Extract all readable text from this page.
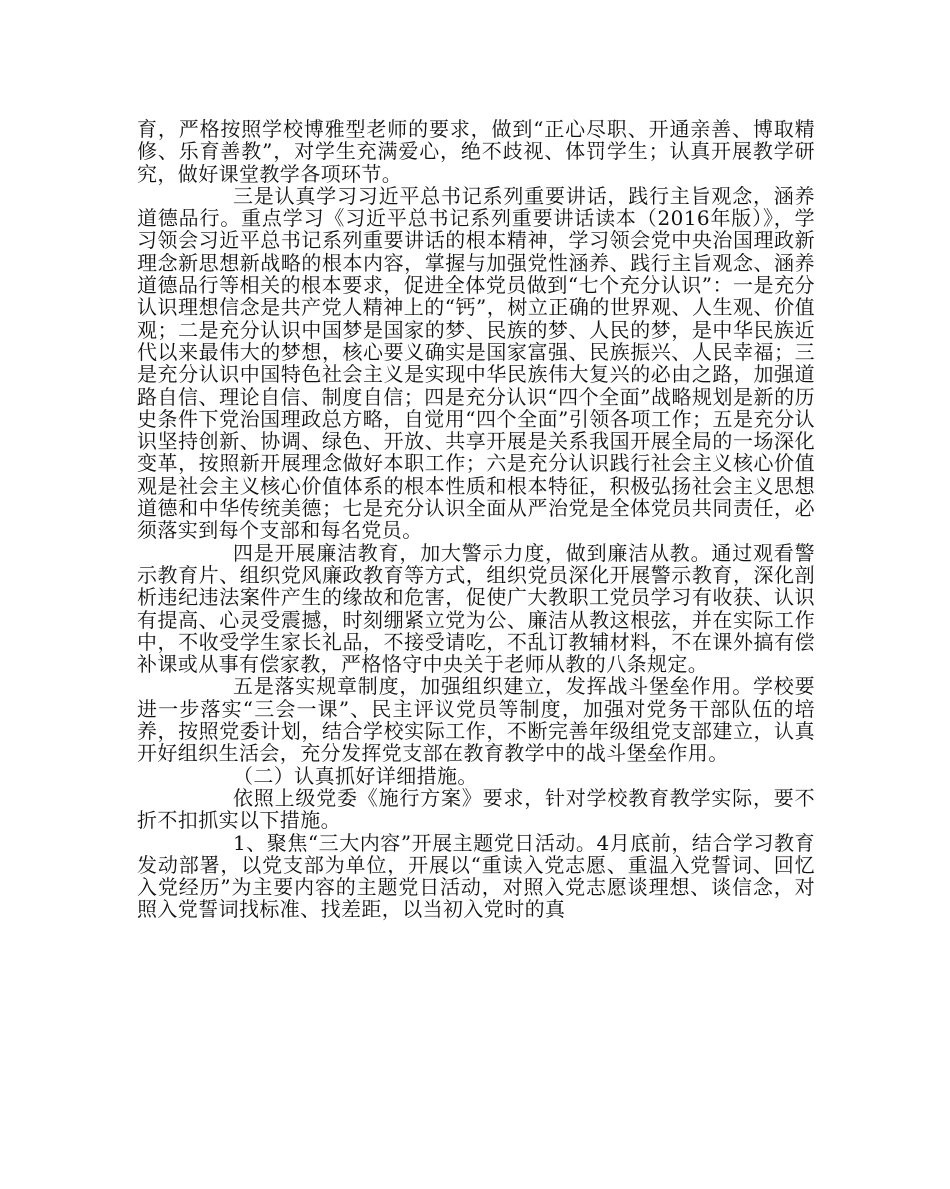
育，严格按照学校博雅型老师的要求，做到“正心尽职、开通亲善、博取精修、乐育善教”，对学生充满爱心，绝不歧视、体罚学生；认真开展教学研究，做好课堂教学各项环节。

三是认真学习习近平总书记系列重要讲话，践行主旨观念，涵养道德品行。重点学习《习近平总书记系列重要讲话读本（2016年版）》，学习领会习近平总书记系列重要讲话的根本精神，学习领会党中央治国理政新理念新思想新战略的根本内容，掌握与加强党性涵养、践行主旨观念、涵养道德品行等相关的根本要求，促进全体党员做到“七个充分认识”：一是充分认识理想信念是共产党人精神上的“钙”，树立正确的世界观、人生观、价值观；二是充分认识中国梦是国家的梦、民族的梦、人民的梦，是中华民族近代以来最伟大的梦想，核心要义确实是国家富强、民族振兴、人民幸福；三是充分认识中国特色社会主义是实现中华民族伟大复兴的必由之路，加强道路自信、理论自信、制度自信；四是充分认识“四个全面”战略规划是新的历史条件下党治国理政总方略，自觉用“四个全面”引领各项工作；五是充分认识坚持创新、协调、绿色、开放、共享开展是关系我国开展全局的一场深化变革，按照新开展理念做好本职工作；六是充分认识践行社会主义核心价值观是社会主义核心价值体系的根本性质和根本特征，积极弘扬社会主义思想道德和中华传统美德；七是充分认识全面从严治党是全体党员共同责任，必须落实到每个支部和每名党员。

四是开展廉洁教育，加大警示力度，做到廉洁从教。通过观看警示教育片、组织党风廉政教育等方式，组织党员深化开展警示教育，深化剖析违纪违法案件产生的缘故和危害，促使广大教职工党员学习有收获、认识有提高、心灵受震撼，时刻绷紧立党为公、廉洁从教这根弦，并在实际工作中，不收受学生家长礼品，不接受请吃，不乱订教辅材料，不在课外搞有偿补课或从事有偿家教，严格恪守中央关于老师从教的八条规定。

五是落实规章制度，加强组织建立，发挥战斗堡垒作用。学校要进一步落实“三会一课”、民主评议党员等制度，加强对党务干部队伍的培养，按照党委计划，结合学校实际工作，不断完善年级组党支部建立，认真开好组织生活会，充分发挥党支部在教育教学中的战斗堡垒作用。

（二）认真抓好详细措施。

依照上级党委《施行方案》要求，针对学校教育教学实际，要不折不扣抓实以下措施。

1、聚焦“三大内容”开展主题党日活动。4月底前，结合学习教育发动部署，以党支部为单位，开展以“重读入党志愿、重温入党誓词、回忆入党经历”为主要内容的主题党日活动，对照入党志愿谈理想、谈信念，对照入党誓词找标准、找差距，以当初入党时的真
